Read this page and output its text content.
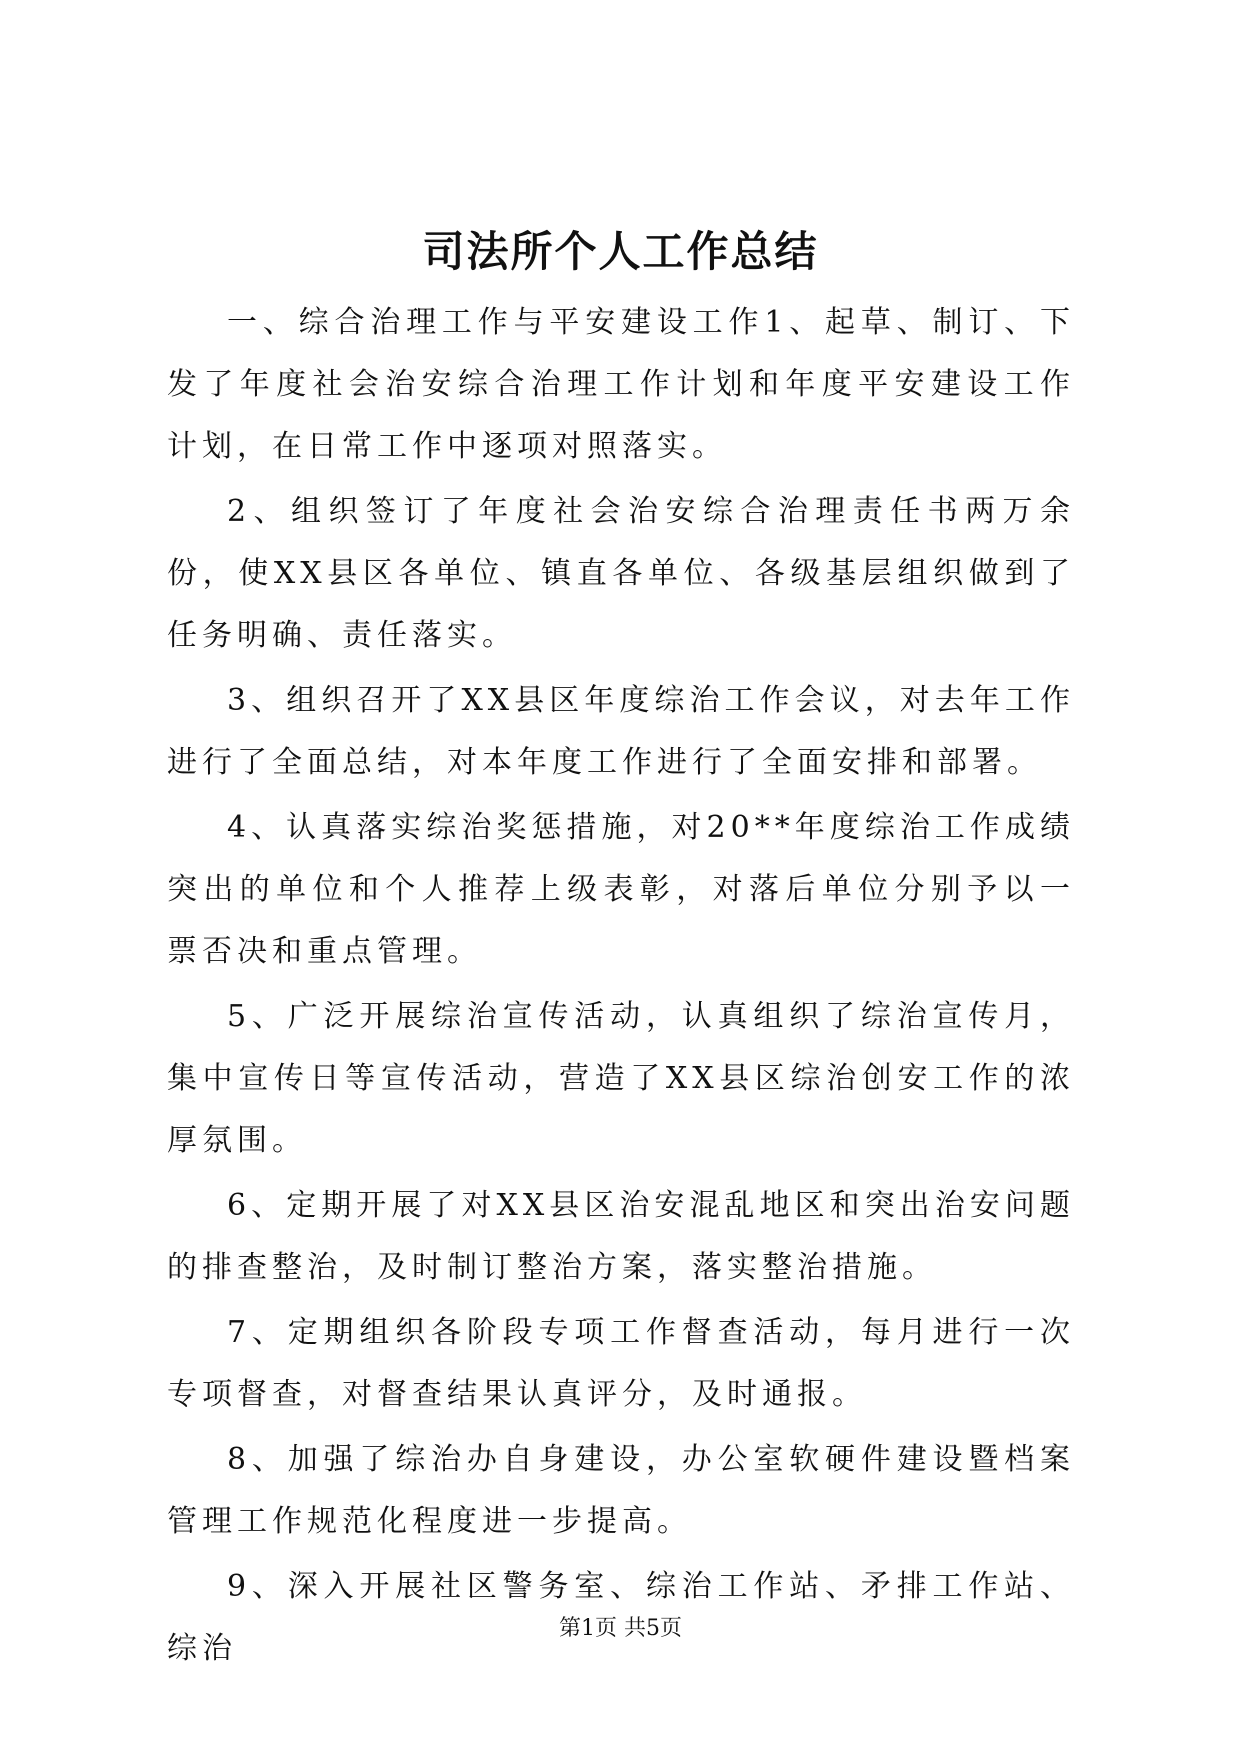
司法所个人工作总结

一、综合治理工作与平安建设工作1、起草、制订、下发了年度社会治安综合治理工作计划和年度平安建设工作计划，在日常工作中逐项对照落实。

2、组织签订了年度社会治安综合治理责任书两万余份，使XX县区各单位、镇直各单位、各级基层组织做到了任务明确、责任落实。

3、组织召开了XX县区年度综治工作会议，对去年工作进行了全面总结，对本年度工作进行了全面安排和部署。

4、认真落实综治奖惩措施，对20**年度综治工作成绩突出的单位和个人推荐上级表彰，对落后单位分别予以一票否决和重点管理。

5、广泛开展综治宣传活动，认真组织了综治宣传月，集中宣传日等宣传活动，营造了XX县区综治创安工作的浓厚氛围。

6、定期开展了对XX县区治安混乱地区和突出治安问题的排查整治，及时制订整治方案，落实整治措施。

7、定期组织各阶段专项工作督查活动，每月进行一次专项督查，对督查结果认真评分，及时通报。

8、加强了综治办自身建设，办公室软硬件建设暨档案管理工作规范化程度进一步提高。

9、深入开展社区警务室、综治工作站、矛排工作站、综治

第1页 共5页
